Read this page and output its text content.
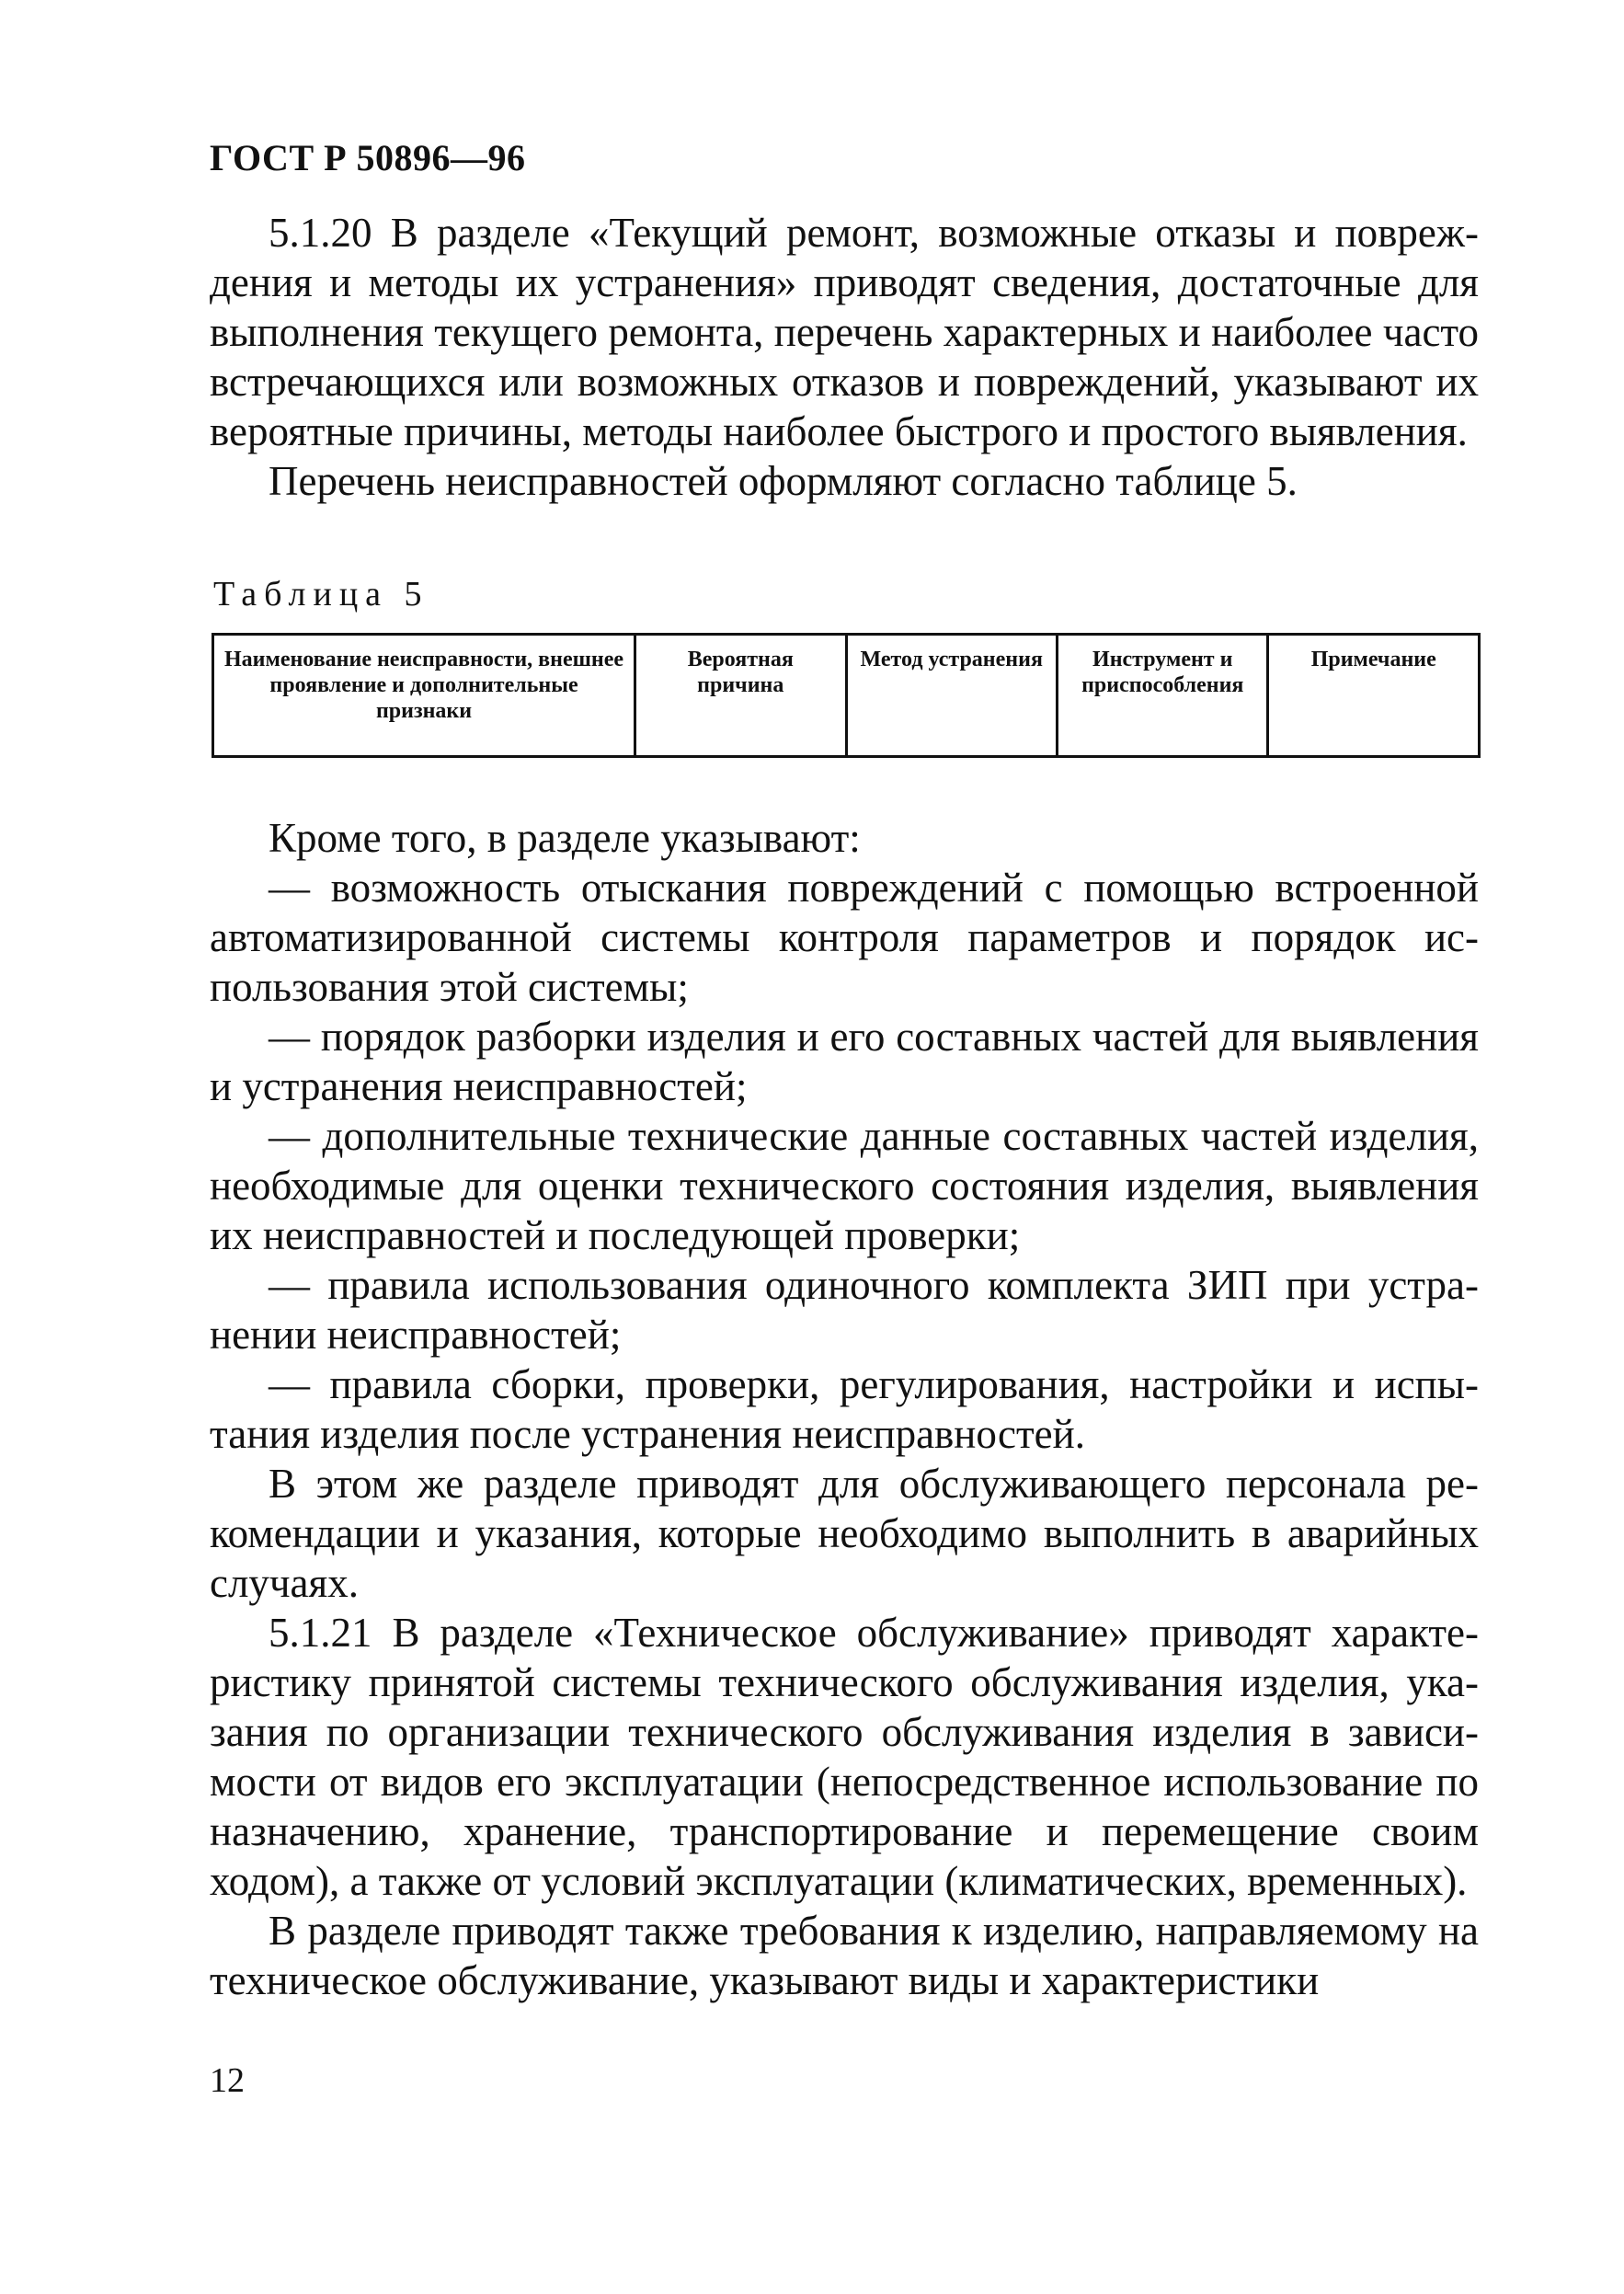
ГОСТ Р 50896—96

5.1.20 В разделе «Текущий ремонт, возможные отказы и повреждения и методы их устранения» приводят сведения, достаточные для выполнения текущего ремонта, перечень характерных и наиболее часто встречающихся или возможных отказов и повреждений, указывают их вероятные причины, методы наиболее быстрого и простого выявления.

Перечень неисправностей оформляют согласно таблице 5.

Таблица 5

Наименование неисправности, внешнее проявление и дополнительные признаки	Вероятная причина	Метод устранения	Инструмент и приспособления	Примечание

Кроме того, в разделе указывают:

— возможность отыскания повреждений с помощью встроенной автоматизированной системы контроля параметров и порядок использования этой системы;

— порядок разборки изделия и его составных частей для выявления и устранения неисправностей;

— дополнительные технические данные составных частей изделия, необходимые для оценки технического состояния изделия, выявления их неисправностей и последующей проверки;

— правила использования одиночного комплекта ЗИП при устранении неисправностей;

— правила сборки, проверки, регулирования, настройки и испытания изделия после устранения неисправностей.

В этом же разделе приводят для обслуживающего персонала рекомендации и указания, которые необходимо выполнить в аварийных случаях.

5.1.21 В разделе «Техническое обслуживание» приводят характеристику принятой системы технического обслуживания изделия, указания по организации технического обслуживания изделия в зависимости от видов его эксплуатации (непосредственное использование по назначению, хранение, транспортирование и перемещение своим ходом), а также от условий эксплуатации (климатических, временных).

В разделе приводят также требования к изделию, направляемому на техническое обслуживание, указывают виды и характеристики

12
